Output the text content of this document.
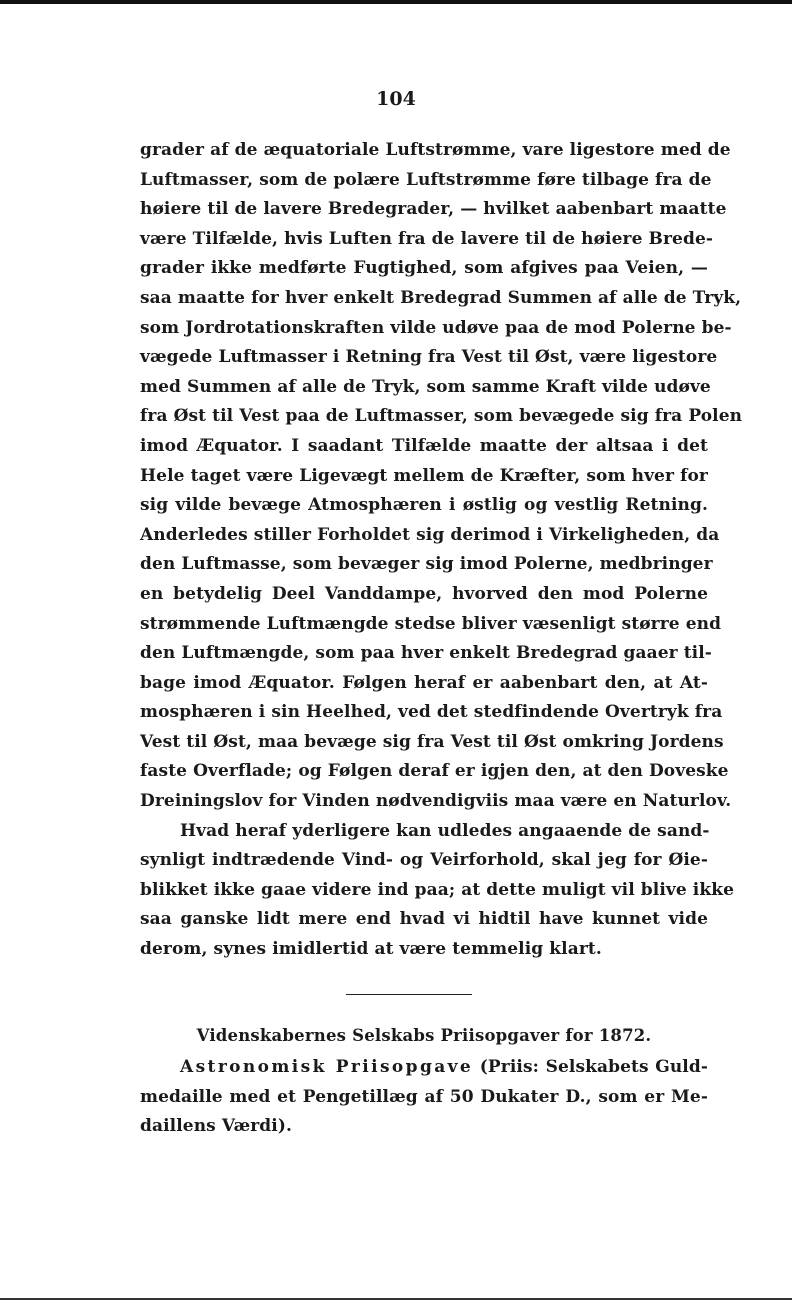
104
grader af de æquatoriale Luftstrømme, vare ligestore med de
Luftmasser, som de polære Luftstrømme føre tilbage fra de
høiere til de lavere Bredegrader, — hvilket aabenbart maatte
være Tilfælde, hvis Luften fra de lavere til de høiere Brede-
grader ikke medførte Fugtighed, som afgives paa Veien, —
saa maatte for hver enkelt Bredegrad Summen af alle de Tryk,
som Jordrotationskraften vilde udøve paa de mod Polerne be-
vægede Luftmasser i Retning fra Vest til Øst, være ligestore
med Summen af alle de Tryk, som samme Kraft vilde udøve
fra Øst til Vest paa de Luftmasser, som bevægede sig fra Polen
imod Æquator. I saadant Tilfælde maatte der altsaa i det
Hele taget være Ligevægt mellem de Kræfter, som hver for
sig vilde bevæge Atmosphæren i østlig og vestlig Retning.
Anderledes stiller Forholdet sig derimod i Virkeligheden, da
den Luftmasse, som bevæger sig imod Polerne, medbringer
en betydelig Deel Vanddampe, hvorved den mod Polerne
strømmende Luftmængde stedse bliver væsenligt større end
den Luftmængde, som paa hver enkelt Bredegrad gaaer til-
bage imod Æquator. Følgen heraf er aabenbart den, at At-
mosphæren i sin Heelhed, ved det stedfindende Overtryk fra
Vest til Øst, maa bevæge sig fra Vest til Øst omkring Jordens
faste Overflade; og Følgen deraf er igjen den, at den Doveske
Dreiningslov for Vinden nødvendigviis maa være en Naturlov.
Hvad heraf yderligere kan udledes angaaende de sand-
synligt indtrædende Vind- og Veirforhold, skal jeg for Øie-
blikket ikke gaae videre ind paa; at dette muligt vil blive ikke
saa ganske lidt mere end hvad vi hidtil have kunnet vide
derom, synes imidlertid at være temmelig klart.
Videnskabernes Selskabs Priisopgaver for 1872.
Astronomisk Priisopgave (Priis: Selskabets Guld-
medaille med et Pengetillæg af 50 Dukater D., som er Me-
daillens Værdi).
